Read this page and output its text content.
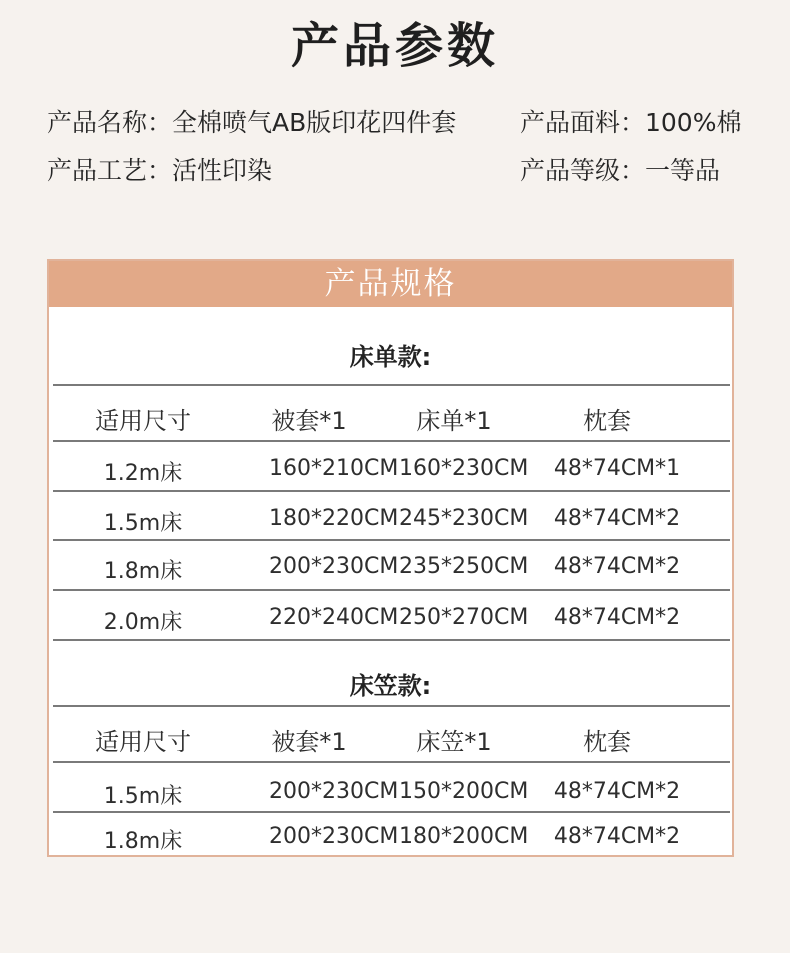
产品参数
产品名称：全棉喷气AB版印花四件套	产品面料：100%棉
产品工艺：活性印染	产品等级：一等品
产品规格
床单款:
适用尺寸	被套*1	床单*1	枕套
1.2m床	160*210CM 160*230CM 48*74CM*1
1.5m床	180*220CM 245*230CM 48*74CM*2
1.8m床	200*230CM 235*250CM 48*74CM*2
2.0m床	220*240CM 250*270CM 48*74CM*2
床笠款:
适用尺寸	被套*1	床笠*1	枕套
1.5m床	200*230CM 150*200CM 48*74CM*2
1.8m床	200*230CM 180*200CM 48*74CM*2
